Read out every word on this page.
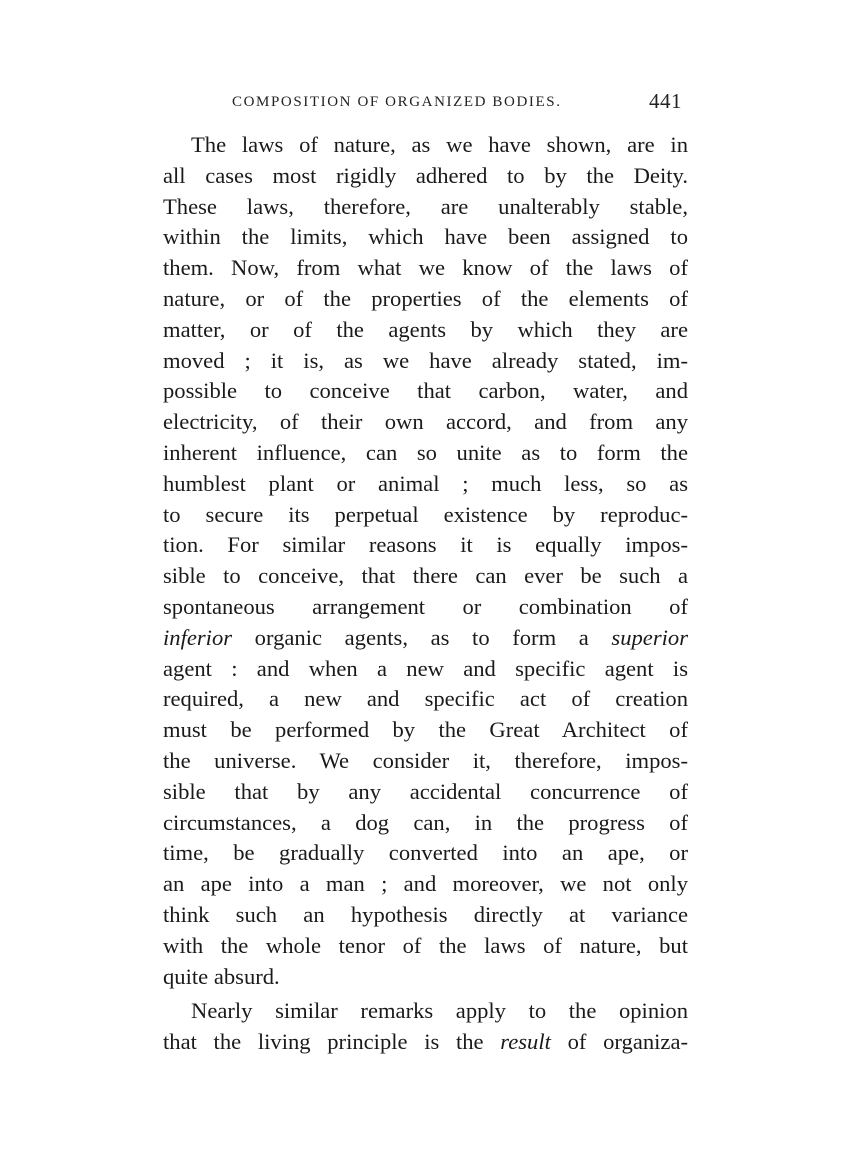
COMPOSITION OF ORGANIZED BODIES.	441
The laws of nature, as we have shown, are in
all cases most rigidly adhered to by the Deity.
These laws, therefore, are unalterably stable,
within the limits, which have been assigned to
them. Now, from what we know of the laws of
nature, or of the properties of the elements of
matter, or of the agents by which they are
moved ; it is, as we have already stated, im-
possible to conceive that carbon, water, and
electricity, of their own accord, and from any
inherent influence, can so unite as to form the
humblest plant or animal ; much less, so as
to secure its perpetual existence by reproduc-
tion. For similar reasons it is equally impos-
sible to conceive, that there can ever be such a
spontaneous arrangement or combination of
inferior organic agents, as to form a superior
agent : and when a new and specific agent is
required, a new and specific act of creation
must be performed by the Great Architect of
the universe. We consider it, therefore, impos-
sible that by any accidental concurrence of
circumstances, a dog can, in the progress of
time, be gradually converted into an ape, or
an ape into a man ; and moreover, we not only
think such an hypothesis directly at variance
with the whole tenor of the laws of nature, but
quite absurd.
Nearly similar remarks apply to the opinion
that the living principle is the result of organiza-
